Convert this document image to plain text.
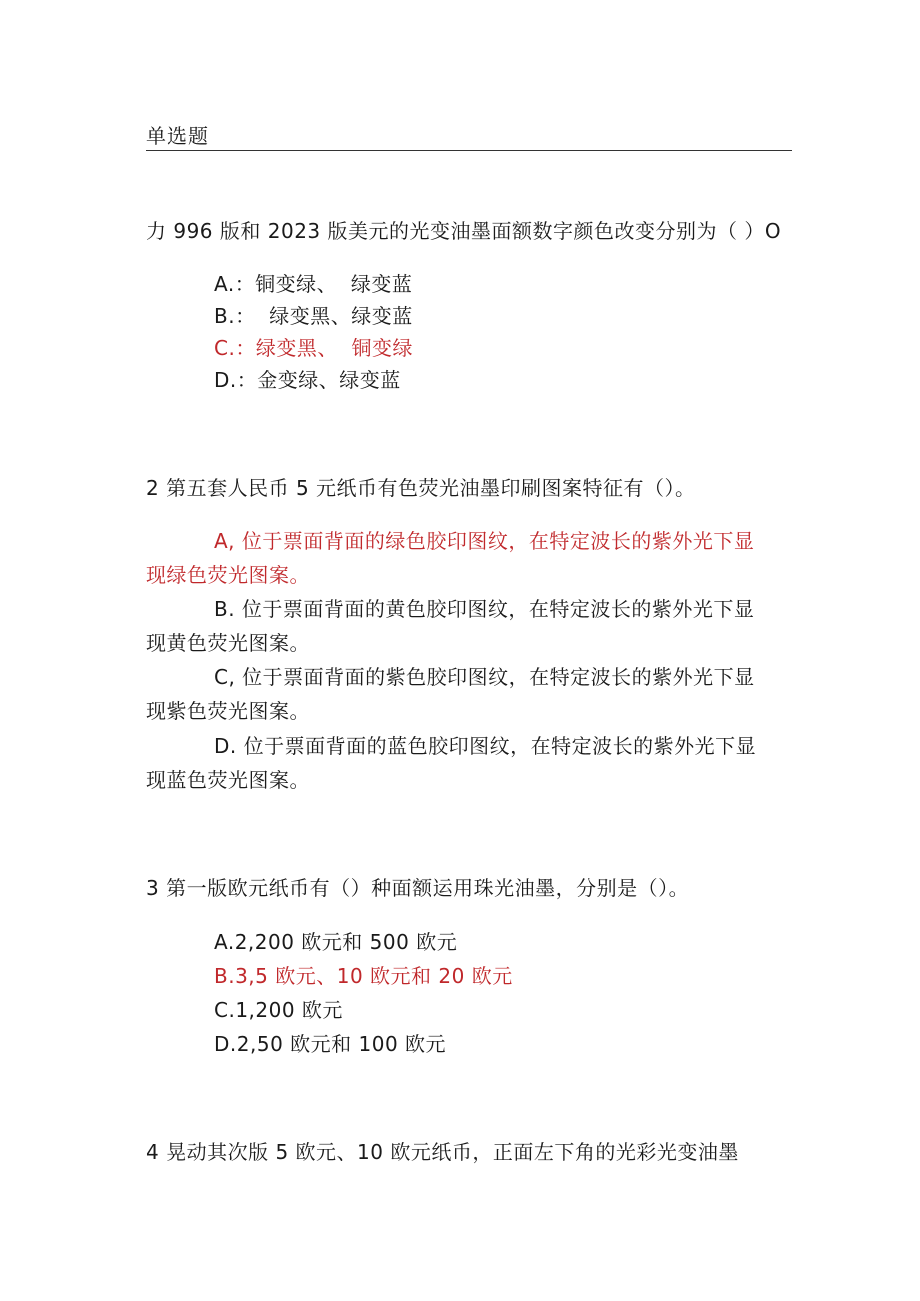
单选题
力 996 版和 2023 版美元的光变油墨面额数字颜色改变分别为（ ）O
A.：铜变绿、  绿变蓝
B.：  绿变黑、绿变蓝
C.：绿变黑、  铜变绿
D.：金变绿、绿变蓝
2 第五套人民币 5 元纸币有色荧光油墨印刷图案特征有（）。
A, 位于票面背面的绿色胶印图纹，在特定波长的紫外光下显
现绿色荧光图案。
B. 位于票面背面的黄色胶印图纹，在特定波长的紫外光下显
现黄色荧光图案。
C, 位于票面背面的紫色胶印图纹，在特定波长的紫外光下显
现紫色荧光图案。
D. 位于票面背面的蓝色胶印图纹，在特定波长的紫外光下显
现蓝色荧光图案。
3 第一版欧元纸币有（）种面额运用珠光油墨，分别是（）。
A.2,200 欧元和 500 欧元
B.3,5 欧元、10 欧元和 20 欧元
C.1,200 欧元
D.2,50 欧元和 100 欧元
4 晃动其次版 5 欧元、10 欧元纸币，正面左下角的光彩光变油墨
